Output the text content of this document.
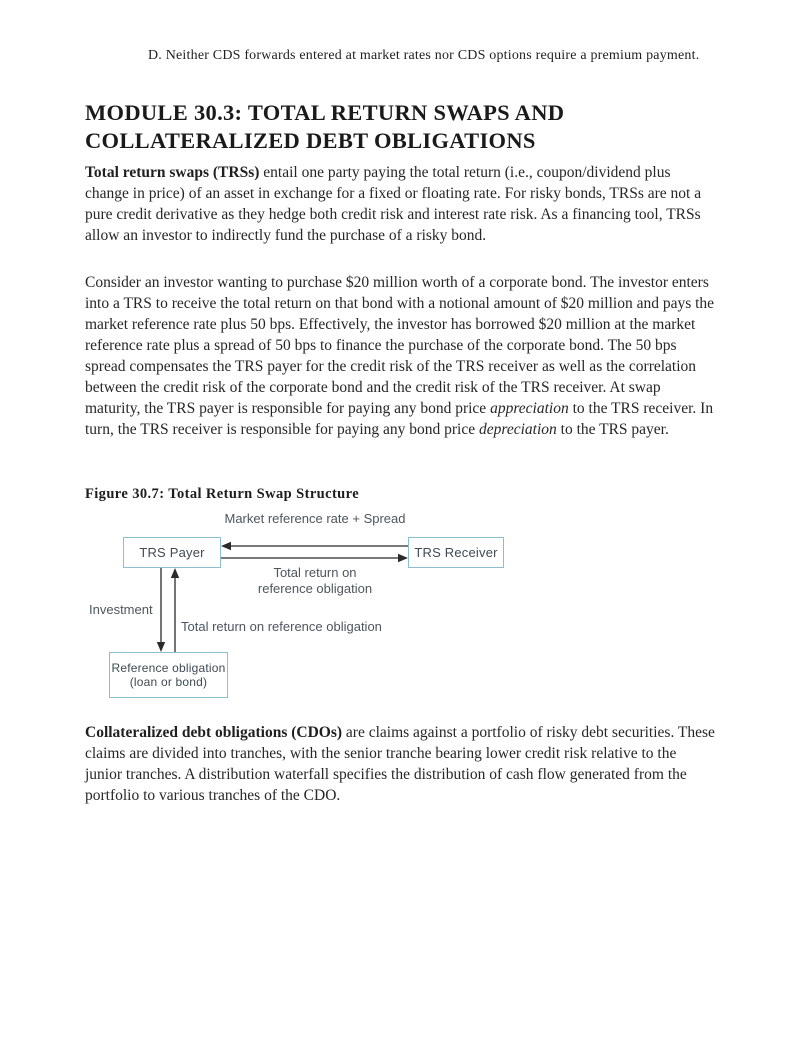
D. Neither CDS forwards entered at market rates nor CDS options require a premium payment.
MODULE 30.3: TOTAL RETURN SWAPS AND COLLATERALIZED DEBT OBLIGATIONS

Total return swaps (TRSs) entail one party paying the total return (i.e., coupon/dividend plus change in price) of an asset in exchange for a fixed or floating rate. For risky bonds, TRSs are not a pure credit derivative as they hedge both credit risk and interest rate risk. As a financing tool, TRSs allow an investor to indirectly fund the purchase of a risky bond.

Consider an investor wanting to purchase $20 million worth of a corporate bond. The investor enters into a TRS to receive the total return on that bond with a notional amount of $20 million and pays the market reference rate plus 50 bps. Effectively, the investor has borrowed $20 million at the market reference rate plus a spread of 50 bps to finance the purchase of the corporate bond. The 50 bps spread compensates the TRS payer for the credit risk of the TRS receiver as well as the correlation between the credit risk of the corporate bond and the credit risk of the TRS receiver. At swap maturity, the TRS payer is responsible for paying any bond price appreciation to the TRS receiver. In turn, the TRS receiver is responsible for paying any bond price depreciation to the TRS payer.

Figure 30.7: Total Return Swap Structure
Market reference rate + Spread
TRS Payer	TRS Receiver
Total return on
reference obligation
Investment
Total return on reference obligation
Reference obligation
(loan or bond)

Collateralized debt obligations (CDOs) are claims against a portfolio of risky debt securities. These claims are divided into tranches, with the senior tranche bearing lower credit risk relative to the junior tranches. A distribution waterfall specifies the distribution of cash flow generated from the portfolio to various tranches of the CDO.
